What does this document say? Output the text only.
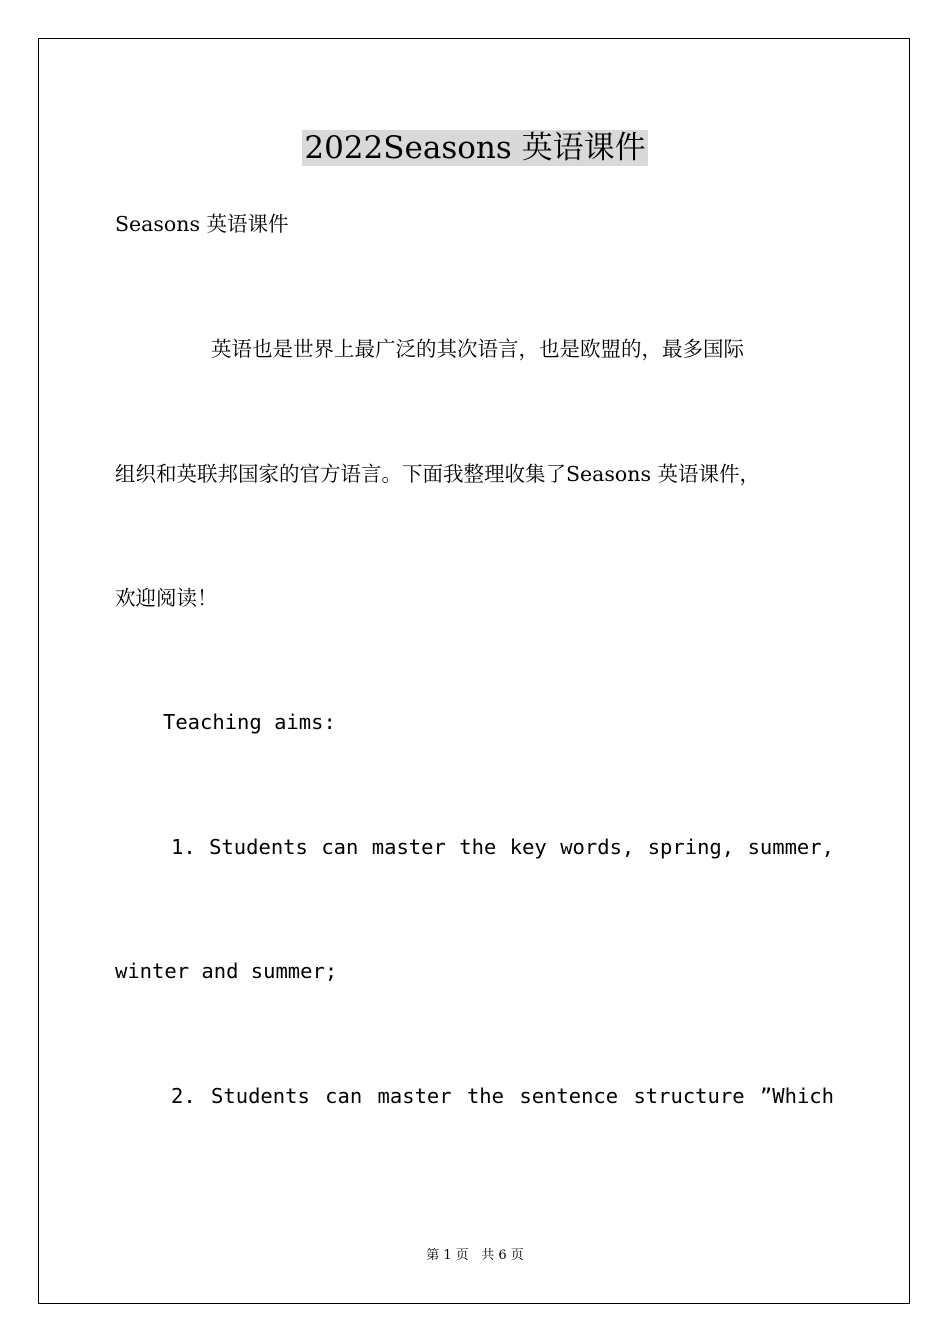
2022Seasons 英语课件
Seasons 英语课件
英语也是世界上最广泛的其次语言，也是欧盟的，最多国际
组织和英联邦国家的官方语言。下面我整理收集了Seasons 英语课件，
欢迎阅读！
Teaching aims:
1. Students can master the key words, spring, summer,
winter and summer;
2. Students can master the sentence structure ”Which
第 1 页   共 6 页
